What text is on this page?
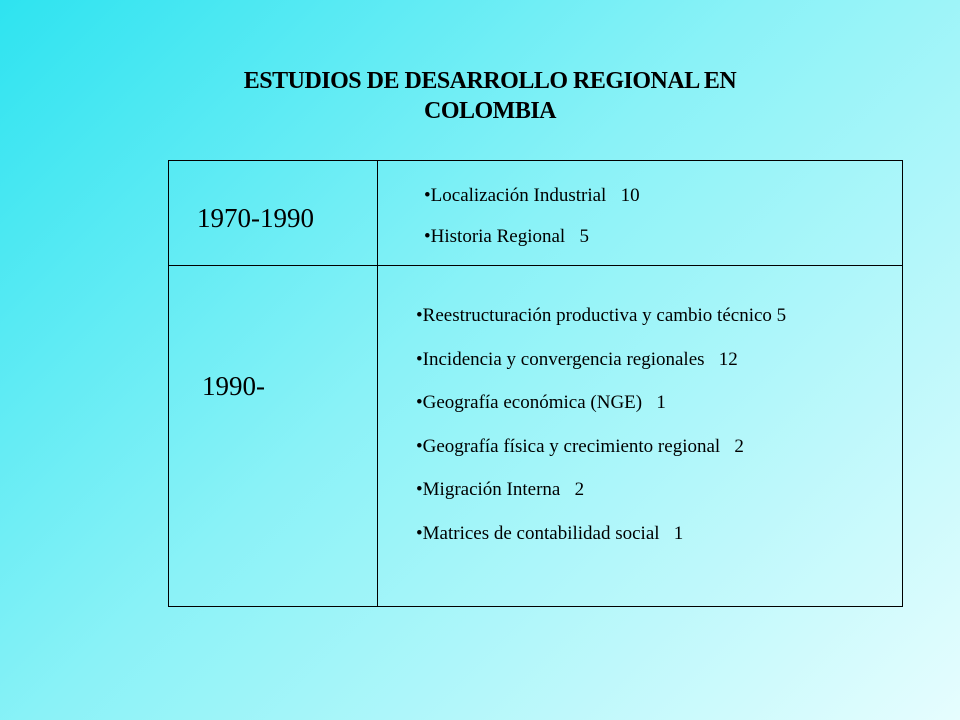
ESTUDIOS DE DESARROLLO REGIONAL EN
COLOMBIA
1970-1990
1990-
• Localización Industrial   10
• Historia Regional   5
• Reestructuración productiva y cambio técnico 5
• Incidencia y convergencia regionales   12
• Geografía económica (NGE)   1
• Geografía física y crecimiento regional   2
• Migración Interna   2
• Matrices de contabilidad social   1
